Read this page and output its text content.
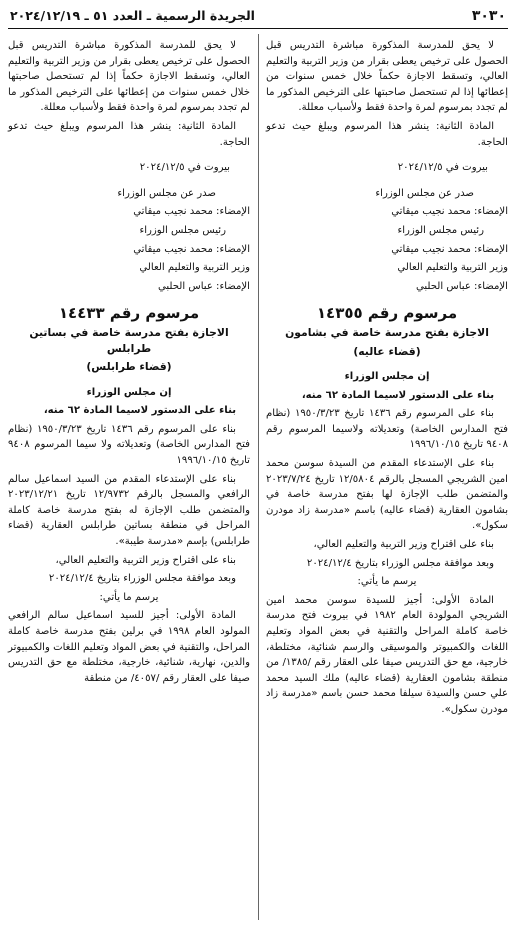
٣٠٣٠
الجريدة الرسمية ـ العدد ٥١ ـ ٢٠٢٤/١٢/١٩

لا يحق للمدرسة المذكورة مباشرة التدريس قبل الحصول على ترخيص يعطى بقرار من وزير التربية والتعليم العالي، وتسقط الاجازة حكماً خلال خمس سنوات من إعطائها إذا لم تستحصل صاحبتها على الترخيص المذكور ما لم تجدد بمرسوم لمرة واحدة فقط ولأسباب معللة.

المادة الثانية: ينشر هذا المرسوم ويبلغ حيث تدعو الحاجة.

بيروت في ٢٠٢٤/١٢/٥

صدر عن مجلس الوزراء

الإمضاء: محمد نجيب ميقاتي

رئيس مجلس الوزراء

الإمضاء: محمد نجيب ميقاتي

وزير التربية والتعليم العالي

الإمضاء: عباس الحلبي

مرسوم رقم ١٤٣٥٥

الاجازة بفتح مدرسة خاصة في بشامون

(قضاء عاليه)

إن مجلس الوزراء

بناء على الدستور لاسيما المادة ٦٢ منه،

بناء على المرسوم رقم ١٤٣٦ تاريخ ١٩٥٠/٣/٢٣ (نظام فتح المدارس الخاصة) وتعديلاته ولاسيما المرسوم رقم ٩٤٠٨ تاريخ ١٩٩٦/١٠/١٥

بناء على الإستدعاء المقدم من السيدة سوسن محمد امين الشريجي المسجل بالرقم ١٢/٥٨٠٤ تاريخ ٢٠٢٣/٧/٢٤ والمتضمن طلب الإجازة لها بفتح مدرسة خاصة في بشامون العقارية (قضاء عاليه) باسم «مدرسة زاد مودرن سكول».

بناء على اقتراح وزير التربية والتعليم العالي،

وبعد موافقة مجلس الوزراء بتاريخ ٢٠٢٤/١٢/٤

يرسم ما يأتي:

المادة الأولى: أجيز للسيدة سوسن محمد امين الشريجي المولودة العام ١٩٨٢ في بيروت فتح مدرسة خاصة كاملة المراحل والتقنية في بعض المواد وتعليم اللغات والكمبيوتر والموسيقى والرسم شنائية، مختلطة، خارجية، مع حق التدريس صيفا على العقار رقم /١٣٨٥/ من منطقة بشامون العقارية (قضاء عاليه) ملك السيد محمد علي حسن والسيدة سيلفا محمد حسن باسم «مدرسة زاد مودرن سكول».

لا يحق للمدرسة المذكورة مباشرة التدريس قبل الحصول على ترخيص يعطى بقرار من وزير التربية والتعليم العالي، وتسقط الاجازة حكماً إذا لم تستحصل صاحبتها خلال خمس سنوات من إعطائها على الترخيص المذكور ما لم تجدد بمرسوم لمرة واحدة فقط ولأسباب معللة.

المادة الثانية: ينشر هذا المرسوم ويبلغ حيث تدعو الحاجة.

بيروت في ٢٠٢٤/١٢/٥

صدر عن مجلس الوزراء

الإمضاء: محمد نجيب ميقاتي

رئيس مجلس الوزراء

الإمضاء: محمد نجيب ميقاتي

وزير التربية والتعليم العالي

الإمضاء: عباس الحلبي

مرسوم رقم ١٤٤٣٣

الاجازة بفتح مدرسة خاصة في بساتين طرابلس

(قضاء طرابلس)

إن مجلس الوزراء

بناء على الدستور لاسيما المادة ٦٢ منه،

بناء على المرسوم رقم ١٤٣٦ تاريخ ١٩٥٠/٣/٢٣ (نظام فتح المدارس الخاصة) وتعديلاته ولا سيما المرسوم ٩٤٠٨ تاريخ ١٩٩٦/١٠/١٥

بناء على الإستدعاء المقدم من السيد اسماعيل سالم الرافعي والمسجل بالرقم ١٢/٩٧٣٢ تاريخ ٢٠٢٣/١٢/٢١ والمتضمن طلب الإجازة له بفتح مدرسة خاصة كاملة المراحل في منطقة بساتين طرابلس العقارية (قضاء طرابلس) بإسم «مدرسة طيبة».

بناء على اقتراح وزير التربية والتعليم العالي،

وبعد موافقة مجلس الوزراء بتاريخ ٢٠٢٤/١٢/٤

يرسم ما يأتي:

المادة الأولى: أجيز للسيد اسماعيل سالم الرافعي المولود العام ١٩٩٨ في برلين بفتح مدرسة خاصة كاملة المراحل، والتقنية في بعض المواد وتعليم اللغات والكمبيوتر والدين، نهارية، شنائية، خارجية، مختلطة مع حق التدريس صيفا على العقار رقم /٤٠٥٧/ من منطقة
